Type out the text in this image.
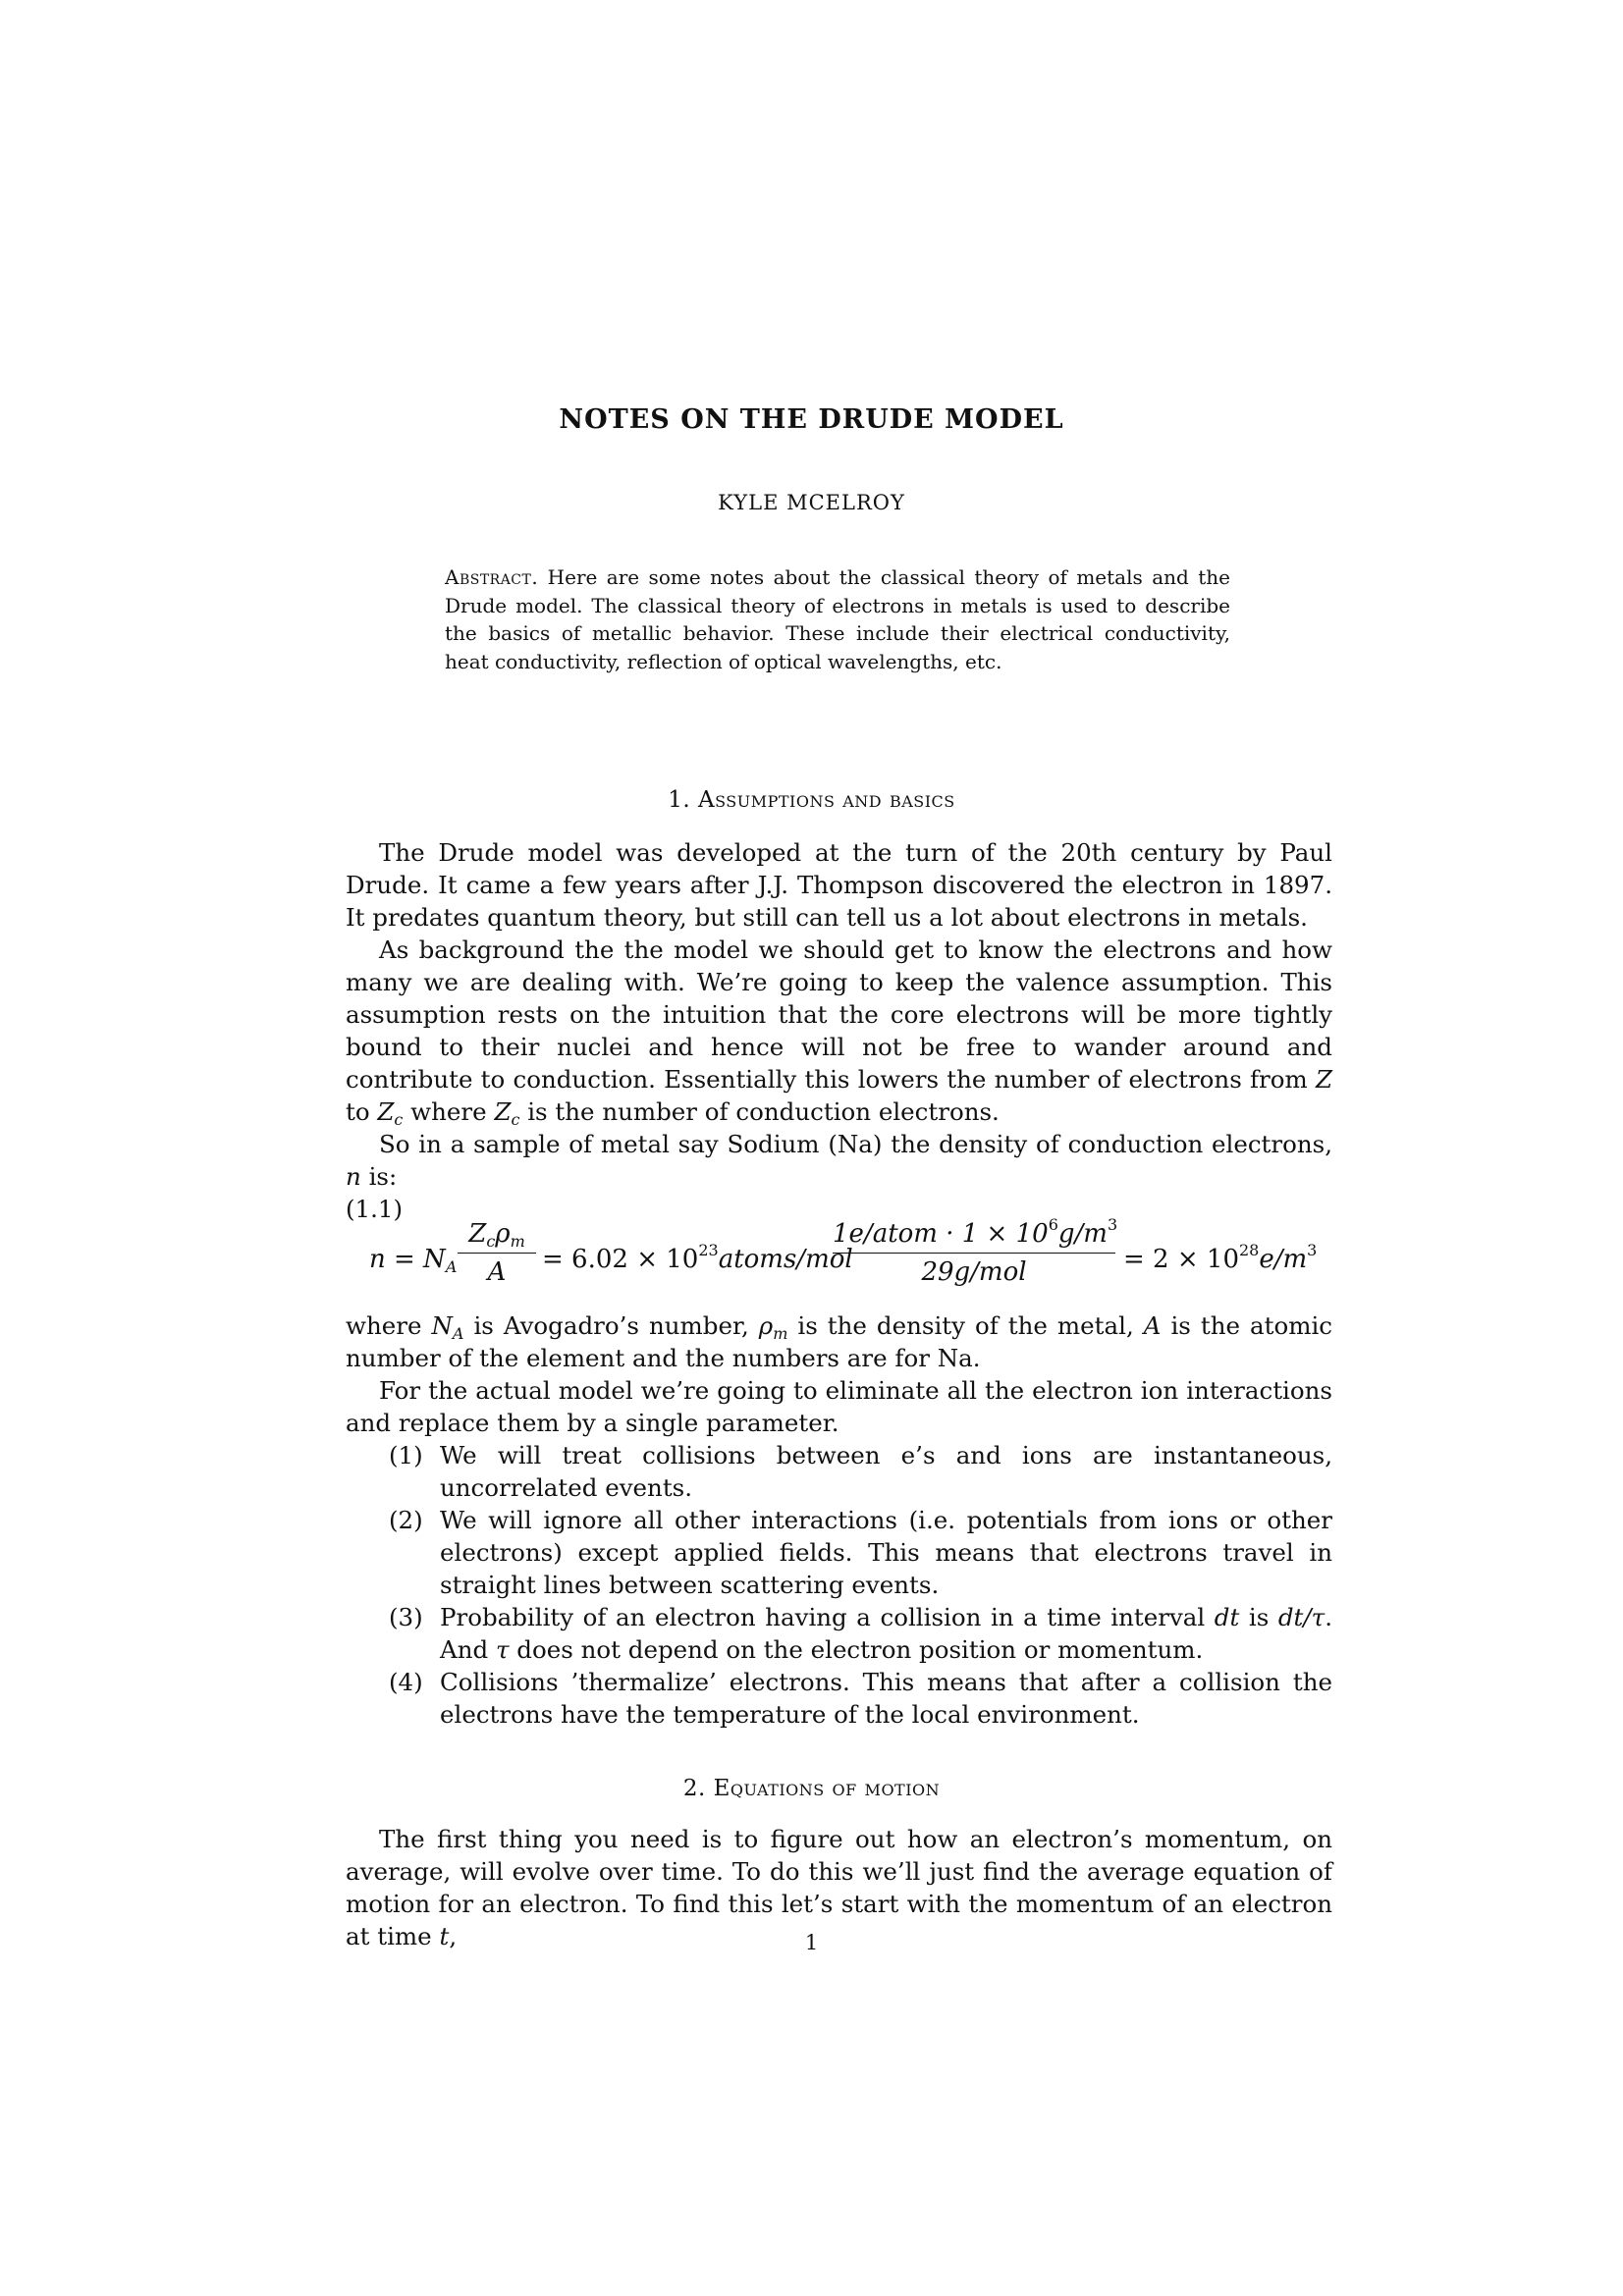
NOTES ON THE DRUDE MODEL
KYLE MCELROY
Abstract. Here are some notes about the classical theory of metals and the Drude model. The classical theory of electrons in metals is used to describe the basics of metallic behavior. These include their electrical conductivity, heat conductivity, reflection of optical wavelengths, etc.
1. Assumptions and basics

The Drude model was developed at the turn of the 20th century by Paul Drude. It came a few years after J.J. Thompson discovered the electron in 1897. It predates quantum theory, but still can tell us a lot about electrons in metals.

As background the the model we should get to know the electrons and how many we are dealing with. We’re going to keep the valence assumption. This assumption rests on the intuition that the core electrons will be more tightly bound to their nuclei and hence will not be free to wander around and contribute to conduction. Essentially this lowers the number of electrons from Z to $Z_c$ where $Z_c$ is the number of conduction electrons.

So in a sample of metal say Sodium (Na) the density of conduction electrons, n is:

(1.1)
$n = N_A$
$Z_c\rho_m$
A	= $6.02 \times 10^{23}atoms$/mol
1e/atom · $1 \times 10^6g/m^3$
29g/mol	= $2 \times 10^{28}e/m^3$

where $N_A$ is Avogadro’s number, $\rho_m$ is the density of the metal, A is the atomic number of the element and the numbers are for Na.

For the actual model we’re going to eliminate all the electron ion interactions and replace them by a single parameter.

(1) We will treat collisions between e’s and ions are instantaneous, uncorrelated events.
(2) We will ignore all other interactions (i.e. potentials from ions or other electrons) except applied fields. This means that electrons travel in straight lines between scattering events.
(3) Probability of an electron having a collision in a time interval dt is dt/τ. And τ does not depend on the electron position or momentum.
(4) Collisions ’thermalize’ electrons. This means that after a collision the electrons have the temperature of the local environment.
2. Equations of motion

The first thing you need is to figure out how an electron’s momentum, on average, will evolve over time. To do this we’ll just find the average equation of motion for an electron. To find this let’s start with the momentum of an electron at time t,	1
